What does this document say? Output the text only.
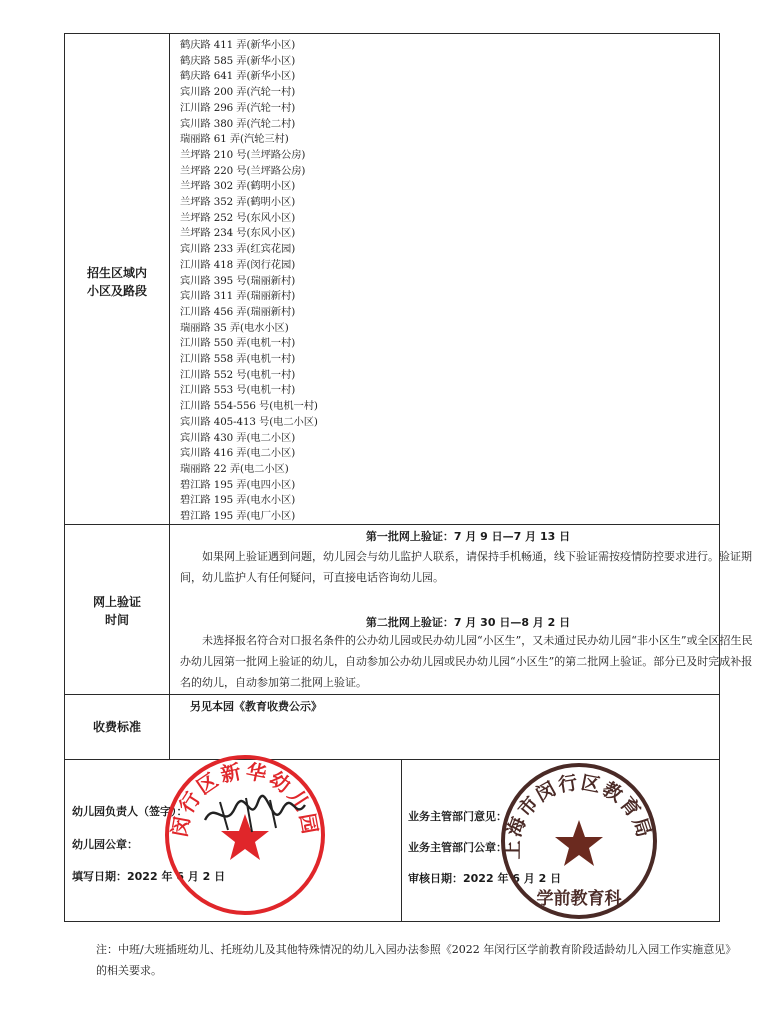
招生区域内
小区及路段
鹤庆路 411 弄(新华小区)
鹤庆路 585 弄(新华小区)
鹤庆路 641 弄(新华小区)
宾川路 200 弄(汽轮一村)
江川路 296 弄(汽轮一村)
宾川路 380 弄(汽轮二村)
瑞丽路 61 弄(汽轮三村)
兰坪路 210 号(兰坪路公房)
兰坪路 220 号(兰坪路公房)
兰坪路 302 弄(鹤明小区)
兰坪路 352 弄(鹤明小区)
兰坪路 252 号(东风小区)
兰坪路 234 号(东风小区)
宾川路 233 弄(红宾花园)
江川路 418 弄(闵行花园)
宾川路 395 号(瑞丽新村)
宾川路 311 弄(瑞丽新村)
江川路 456 弄(瑞丽新村)
瑞丽路 35 弄(电水小区)
江川路 550 弄(电机一村)
江川路 558 弄(电机一村)
江川路 552 号(电机一村)
江川路 553 号(电机一村)
江川路 554-556 号(电机一村)
宾川路 405-413 号(电二小区)
宾川路 430 弄(电二小区)
宾川路 416 弄(电二小区)
瑞丽路 22 弄(电二小区)
碧江路 195 弄(电四小区)
碧江路 195 弄(电水小区)
碧江路 195 弄(电厂小区)
网上验证
时间
第一批网上验证：7 月 9 日—7 月 13 日
如果网上验证遇到问题，幼儿园会与幼儿监护人联系，请保持手机畅通，线下验证需按疫情防控要求进行。验证期间，幼儿监护人有任何疑问，可直接电话咨询幼儿园。
第二批网上验证：7 月 30 日—8 月 2 日
未选择报名符合对口报名条件的公办幼儿园或民办幼儿园“小区生”，又未通过民办幼儿园“非小区生”或全区招生民办幼儿园第一批网上验证的幼儿，自动参加公办幼儿园或民办幼儿园“小区生”的第二批网上验证。部分已及时完成补报名的幼儿，自动参加第二批网上验证。
收费标准
另见本园《教育收费公示》
幼儿园负责人（签字）：
幼儿园公章：
填写日期：2022 年 6 月 2 日
业务主管部门意见：
业务主管部门公章：
审核日期：2022 年 6 月 2 日
闵行区新华幼儿园
上海市闵行区教育局
学前教育科
注：中班/大班插班幼儿、托班幼儿及其他特殊情况的幼儿入园办法参照《2022 年闵行区学前教育阶段适龄幼儿入园工作实施意见》的相关要求。
